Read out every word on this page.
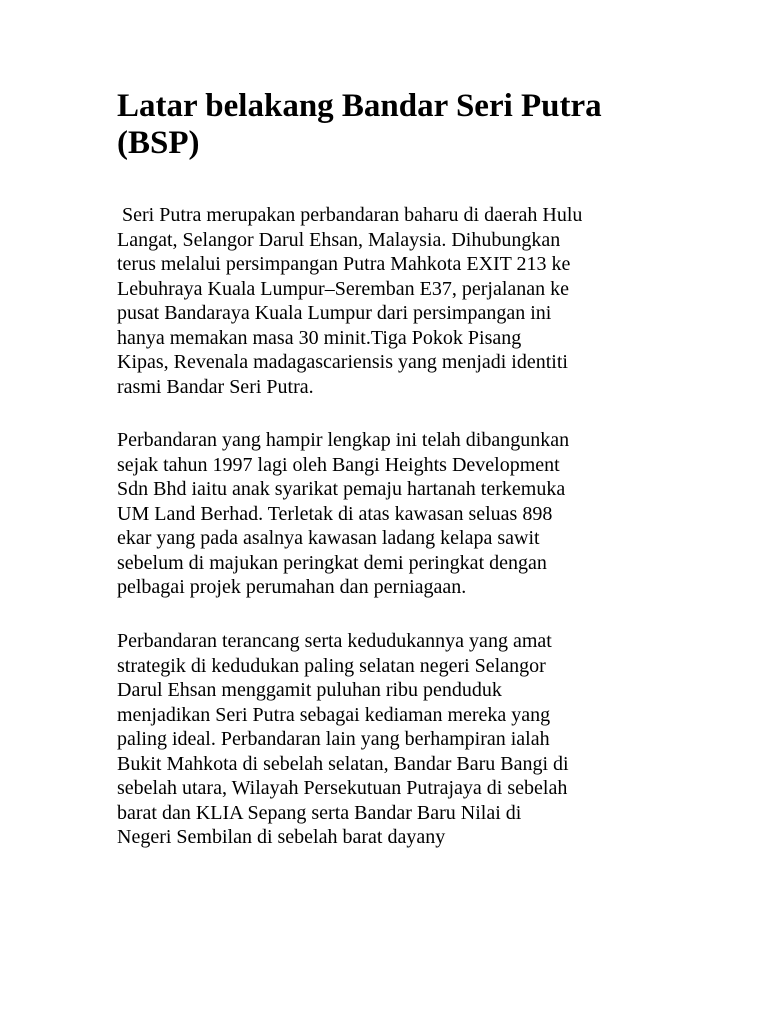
Latar belakang Bandar Seri Putra
(BSP)

Seri Putra merupakan perbandaran baharu di daerah Hulu
Langat, Selangor Darul Ehsan, Malaysia. Dihubungkan
terus melalui persimpangan Putra Mahkota EXIT 213 ke
Lebuhraya Kuala Lumpur–Seremban E37, perjalanan ke
pusat Bandaraya Kuala Lumpur dari persimpangan ini
hanya memakan masa 30 minit.Tiga Pokok Pisang
Kipas, Revenala madagascariensis yang menjadi identiti
rasmi Bandar Seri Putra.

Perbandaran yang hampir lengkap ini telah dibangunkan
sejak tahun 1997 lagi oleh Bangi Heights Development
Sdn Bhd iaitu anak syarikat pemaju hartanah terkemuka
UM Land Berhad. Terletak di atas kawasan seluas 898
ekar yang pada asalnya kawasan ladang kelapa sawit
sebelum di majukan peringkat demi peringkat dengan
pelbagai projek perumahan dan perniagaan.

Perbandaran terancang serta kedudukannya yang amat
strategik di kedudukan paling selatan negeri Selangor
Darul Ehsan menggamit puluhan ribu penduduk
menjadikan Seri Putra sebagai kediaman mereka yang
paling ideal. Perbandaran lain yang berhampiran ialah
Bukit Mahkota di sebelah selatan, Bandar Baru Bangi di
sebelah utara, Wilayah Persekutuan Putrajaya di sebelah
barat dan KLIA Sepang serta Bandar Baru Nilai di
Negeri Sembilan di sebelah barat dayany
